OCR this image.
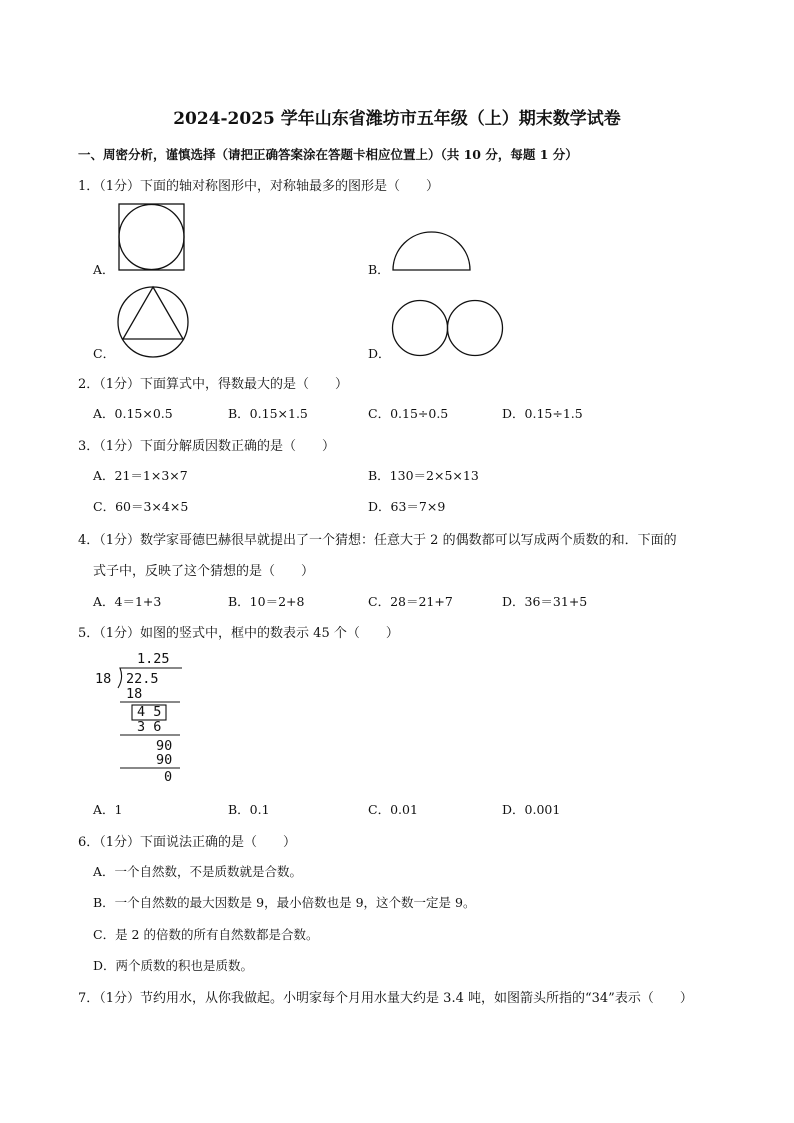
2024-2025 学年山东省潍坊市五年级（上）期末数学试卷
一、周密分析，谨慎选择（请把正确答案涂在答题卡相应位置上）（共 10 分，每题 1 分）
1．（1分）下面的轴对称图形中，对称轴最多的图形是（　　）
A．	B．
C．	D．
2．（1分）下面算式中，得数最大的是（　　）
A．0.15×0.5	B．0.15×1.5	C．0.15÷0.5	D．0.15÷1.5
3．（1分）下面分解质因数正确的是（　　）
A．21＝1×3×7	B．130＝2×5×13
C．60＝3×4×5	D．63＝7×9
4．（1分）数学家哥德巴赫很早就提出了一个猜想：任意大于 2 的偶数都可以写成两个质数的和．下面的
式子中，反映了这个猜想的是（　　）
A．4＝1+3	B．10＝2+8	C．28＝21+7	D．36＝31+5
5．（1分）如图的竖式中，框中的数表示 45 个（　　）
1.25
18 22.5
18
4 5
3 6
90
90
0
A．1	B．0.1	C．0.01	D．0.001
6．（1分）下面说法正确的是（　　）
A．一个自然数，不是质数就是合数。
B．一个自然数的最大因数是 9，最小倍数也是 9，这个数一定是 9。
C．是 2 的倍数的所有自然数都是合数。
D．两个质数的积也是质数。
7．（1分）节约用水，从你我做起。小明家每个月用水量大约是 3.4 吨，如图箭头所指的“34”表示（　　）
